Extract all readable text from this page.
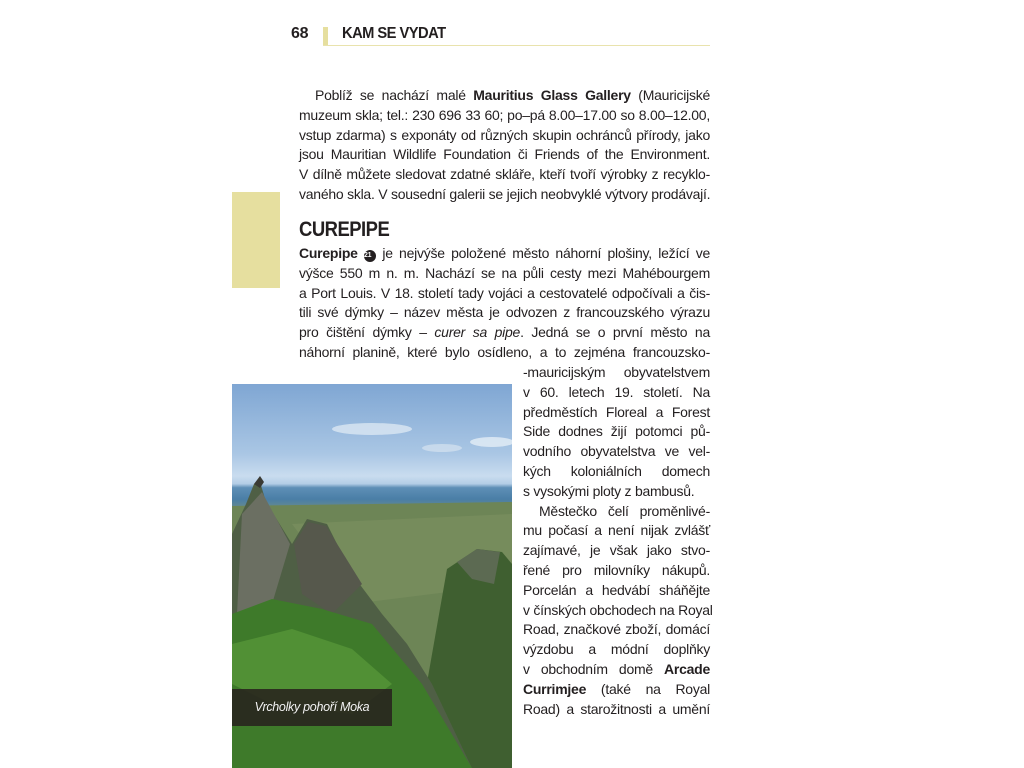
68 KAM SE VYDAT
Poblíž se nachází malé Mauritius Glass Gallery (Mauricijské
muzeum skla; tel.: 230 696 33 60; po–pá 8.00–17.00 so 8.00–12.00,
vstup zdarma) s exponáty od různých skupin ochránců přírody, jako
jsou Mauritian Wildlife Foundation či Friends of the Environment.
V dílně můžete sledovat zdatné skláře, kteří tvoří výrobky z recyklo-
vaného skla. V sousední galerii se jejich neobvyklé výtvory prodávají.
CUREPIPE
Curepipe 21 je nejvýše položené město náhorní plošiny, ležící ve
výšce 550 m n. m. Nachází se na půli cesty mezi Mahébourgem
a Port Louis. V 18. století tady vojáci a cestovatelé odpočívali a čis-
tili své dýmky – název města je odvozen z francouzského výrazu
pro čištění dýmky – curer sa pipe. Jedná se o první město na
náhorní planině, které bylo osídleno, a to zejména francouzsko-
-mauricijským obyvatelstvem
v 60. letech 19. století. Na
předměstích Floreal a Forest
Side dodnes žijí potomci pů-
vodního obyvatelstva ve vel-
kých koloniálních domech
s vysokými ploty z bambusů.
Městečko čelí proměnlivé-
mu počasí a není nijak zvlášť
zajímavé, je však jako stvo-
řené pro milovníky nákupů.
Porcelán a hedvábí sháňějte
v čínských obchodech na Royal
Road, značkové zboží, domácí
výzdobu a módní doplňky
v obchodním domě Arcade
Currimjee (také na Royal
Road) a starožitnosti a umění
Vrcholky pohoří Moka
